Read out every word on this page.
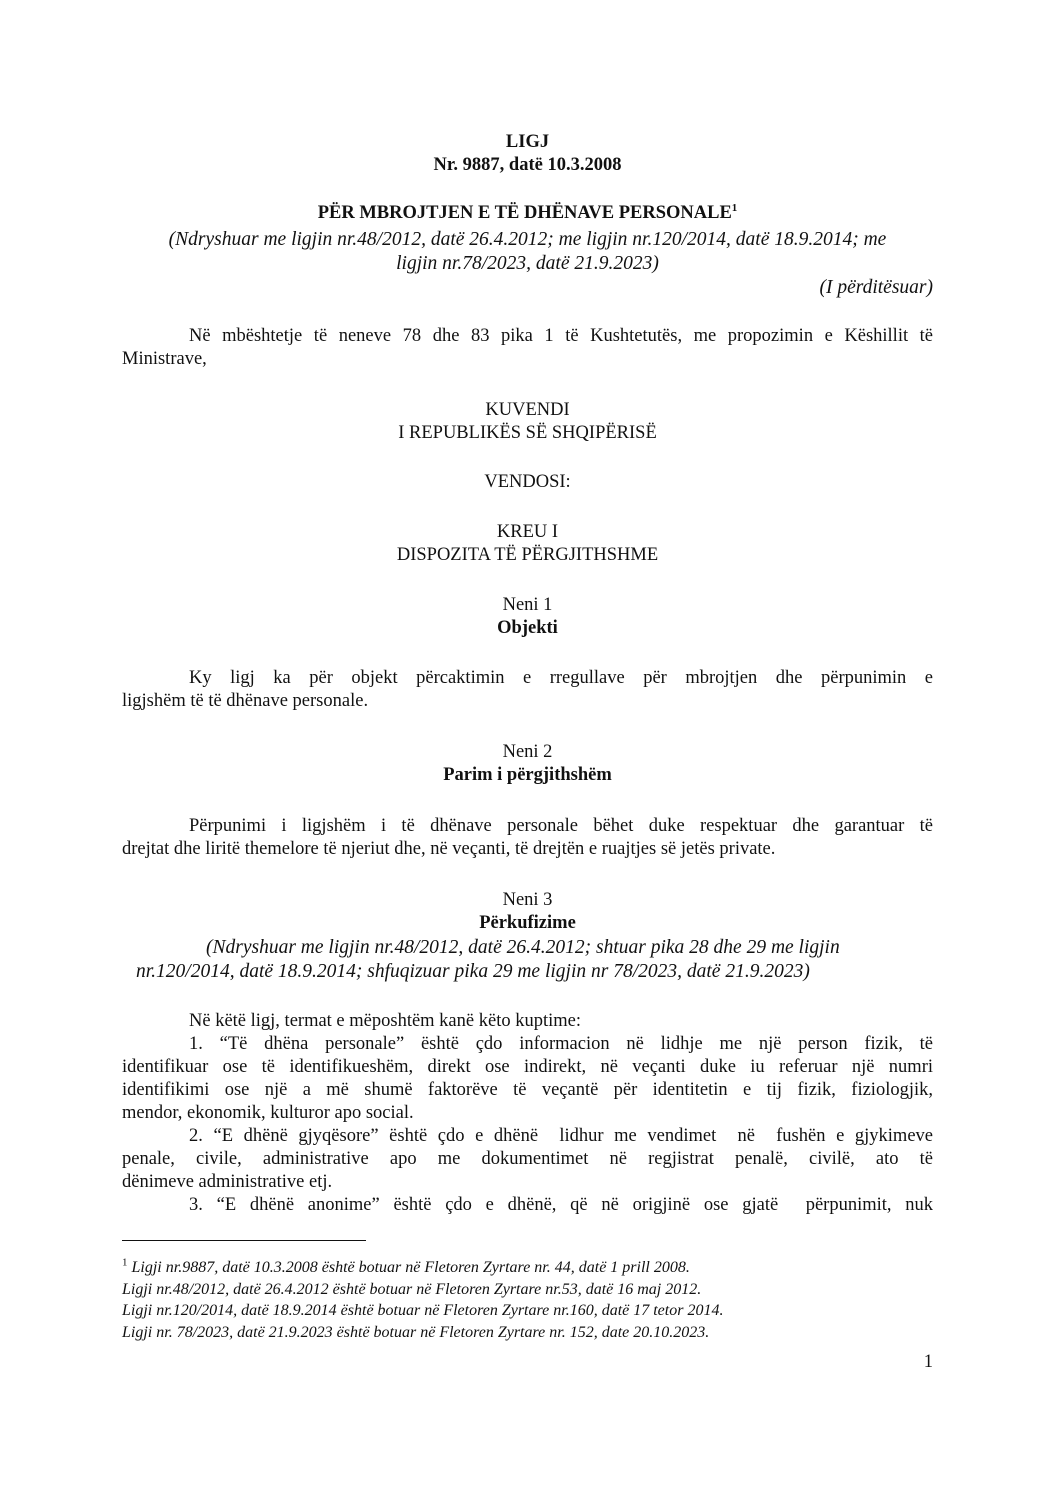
LIGJ
Nr. 9887, datë 10.3.2008
PËR MBROJTJEN E TË DHËNAVE PERSONALE$^1$
(Ndryshuar me ligjin nr.48/2012, datë 26.4.2012; me ligjin nr.120/2014, datë 18.9.2014; me
ligjin nr.78/2023, datë 21.9.2023)
(I përditësuar)
Në mbështetje të neneve 78 dhe 83 pika 1 të Kushtetutës, me propozimin e Këshillit të
Ministrave,
KUVENDI
I REPUBLIKËS SË SHQIPËRISË
VENDOSI:
KREU I
DISPOZITA TË PËRGJITHSHME
Neni 1
Objekti
Ky ligj ka për objekt përcaktimin e rregullave për mbrojtjen dhe përpunimin e
ligjshëm të të dhënave personale.
Neni 2
Parim i përgjithshëm
Përpunimi i ligjshëm i të dhënave personale bëhet duke respektuar dhe garantuar të
drejtat dhe liritë themelore të njeriut dhe, në veçanti, të drejtën e ruajtjes së jetës private.
Neni 3
Përkufizime
(Ndryshuar me ligjin nr.48/2012, datë 26.4.2012; shtuar pika 28 dhe 29 me ligjin
nr.120/2014, datë 18.9.2014; shfuqizuar pika 29 me ligjin nr 78/2023, datë 21.9.2023)
Në këtë ligj, termat e mëposhtëm kanë këto kuptime:
1. “Të dhëna personale” është çdo informacion në lidhje me një person fizik, të
identifikuar ose të identifikueshëm, direkt ose indirekt, në veçanti duke iu referuar një numri
identifikimi ose një a më shumë faktorëve të veçantë për identitetin e tij fizik, fiziologjik,
mendor, ekonomik, kulturor apo social.
2. “E dhënë gjyqësore” është çdo e dhënë  lidhur me vendimet  në  fushën e gjykimeve
penale, civile, administrative apo me dokumentimet në regjistrat penalë, civilë, ato të
dënimeve administrative etj.
3. “E dhënë anonime” është çdo e dhënë, që në origjinë ose gjatë  përpunimit, nuk
$^1$ Ligji nr.9887, datë 10.3.2008 është botuar në Fletoren Zyrtare nr. 44, datë 1 prill 2008.
Ligji nr.48/2012, datë 26.4.2012 është botuar në Fletoren Zyrtare nr.53, datë 16 maj 2012.
Ligji nr.120/2014, datë 18.9.2014 është botuar në Fletoren Zyrtare nr.160, datë 17 tetor 2014.
Ligji nr. 78/2023, datë 21.9.2023 është botuar në Fletoren Zyrtare nr. 152, date 20.10.2023.
1
